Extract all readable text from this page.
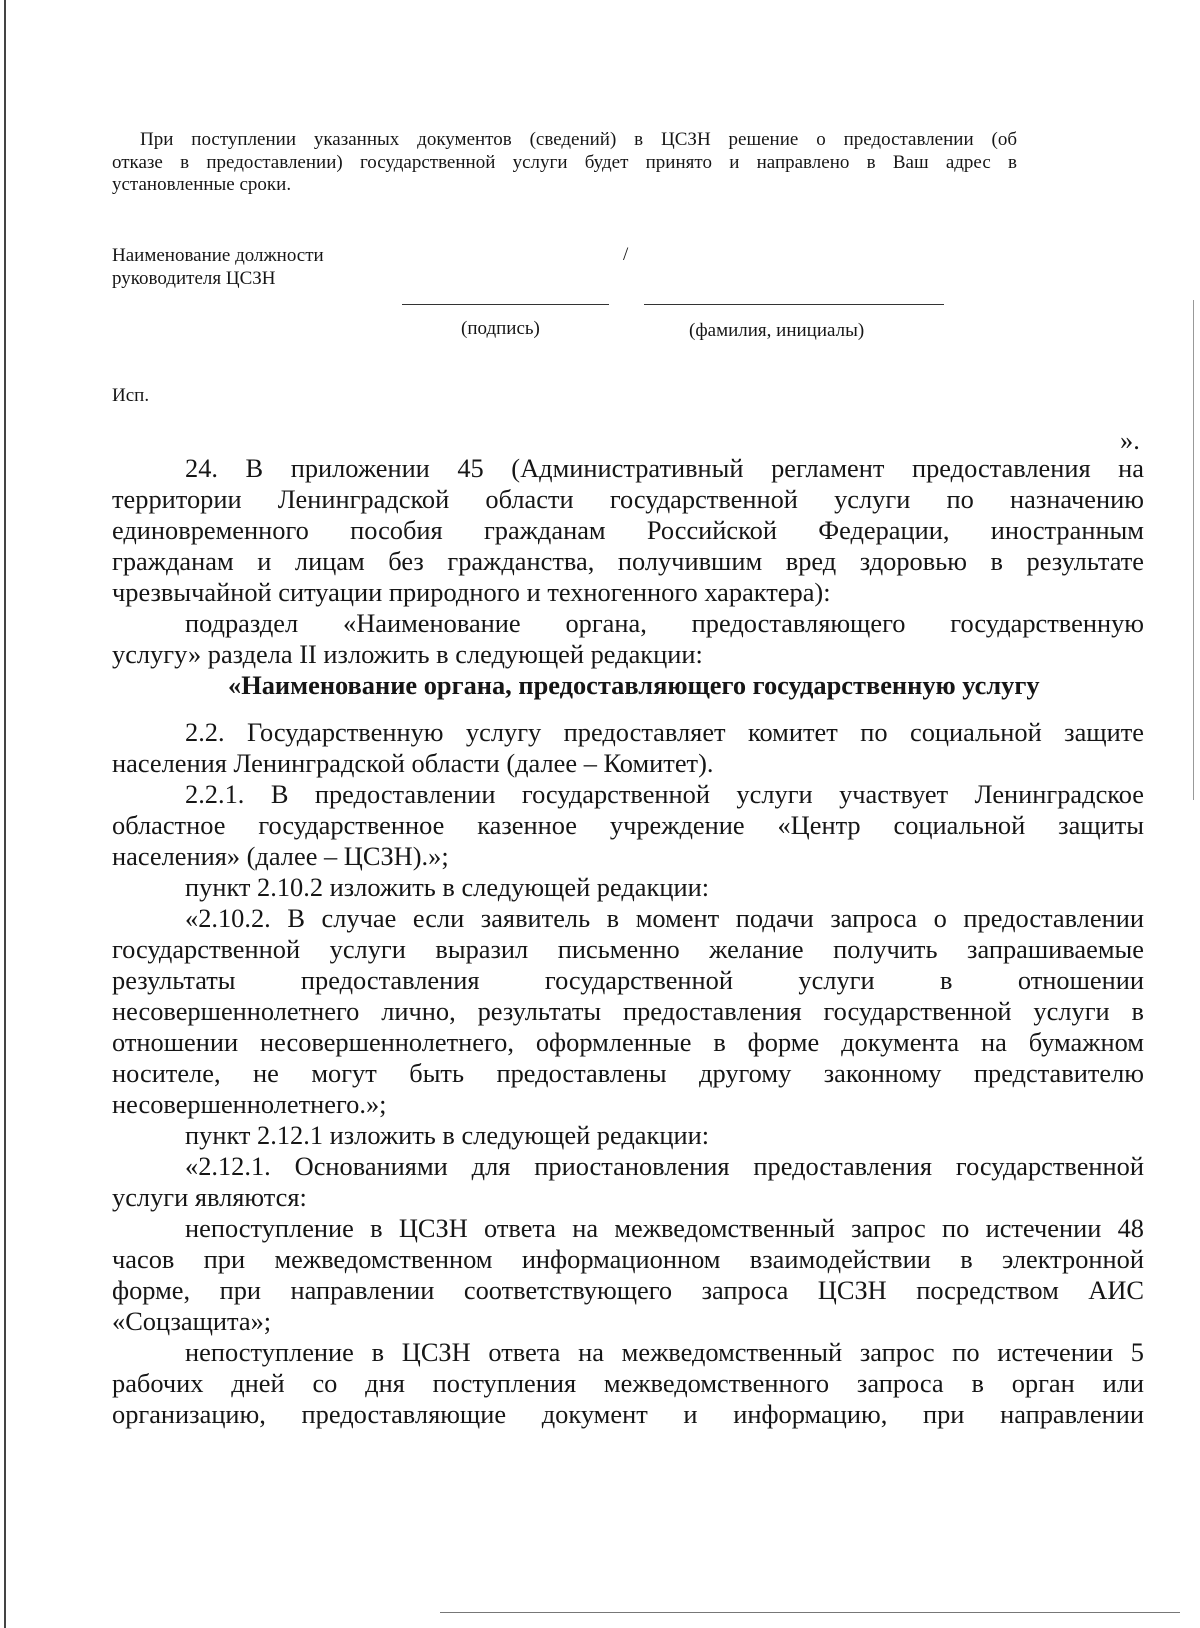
При поступлении указанных документов (сведений) в ЦСЗН решение о предоставлении (об
отказе в предоставлении) государственной услуги будет принято и направлено в Ваш адрес в
установленные сроки.
Наименование должности
руководителя ЦСЗН
/
(подпись)	(фамилия, инициалы)
Исп.
».
24. В приложении 45 (Административный регламент предоставления на
территории Ленинградской области государственной услуги по назначению
единовременного пособия гражданам Российской Федерации, иностранным
гражданам и лицам без гражданства, получившим вред здоровью в результате
чрезвычайной ситуации природного и техногенного характера):
подраздел «Наименование органа, предоставляющего государственную
услугу» раздела II изложить в следующей редакции:
«Наименование органа, предоставляющего государственную услугу
2.2. Государственную услугу предоставляет комитет по социальной защите
населения Ленинградской области (далее – Комитет).
2.2.1. В предоставлении государственной услуги участвует Ленинградское
областное государственное казенное учреждение «Центр социальной защиты
населения» (далее – ЦСЗН).»;
пункт 2.10.2 изложить в следующей редакции:
«2.10.2. В случае если заявитель в момент подачи запроса о предоставлении
государственной услуги выразил письменно желание получить запрашиваемые
результаты предоставления государственной услуги в отношении
несовершеннолетнего лично, результаты предоставления государственной услуги в
отношении несовершеннолетнего, оформленные в форме документа на бумажном
носителе, не могут быть предоставлены другому законному представителю
несовершеннолетнего.»;
пункт 2.12.1 изложить в следующей редакции:
«2.12.1. Основаниями для приостановления предоставления государственной
услуги являются:
непоступление в ЦСЗН ответа на межведомственный запрос по истечении 48
часов при межведомственном информационном взаимодействии в электронной
форме, при направлении соответствующего запроса ЦСЗН посредством АИС
«Соцзащита»;
непоступление в ЦСЗН ответа на межведомственный запрос по истечении 5
рабочих дней со дня поступления межведомственного запроса в орган или
организацию, предоставляющие документ и информацию, при направлении
